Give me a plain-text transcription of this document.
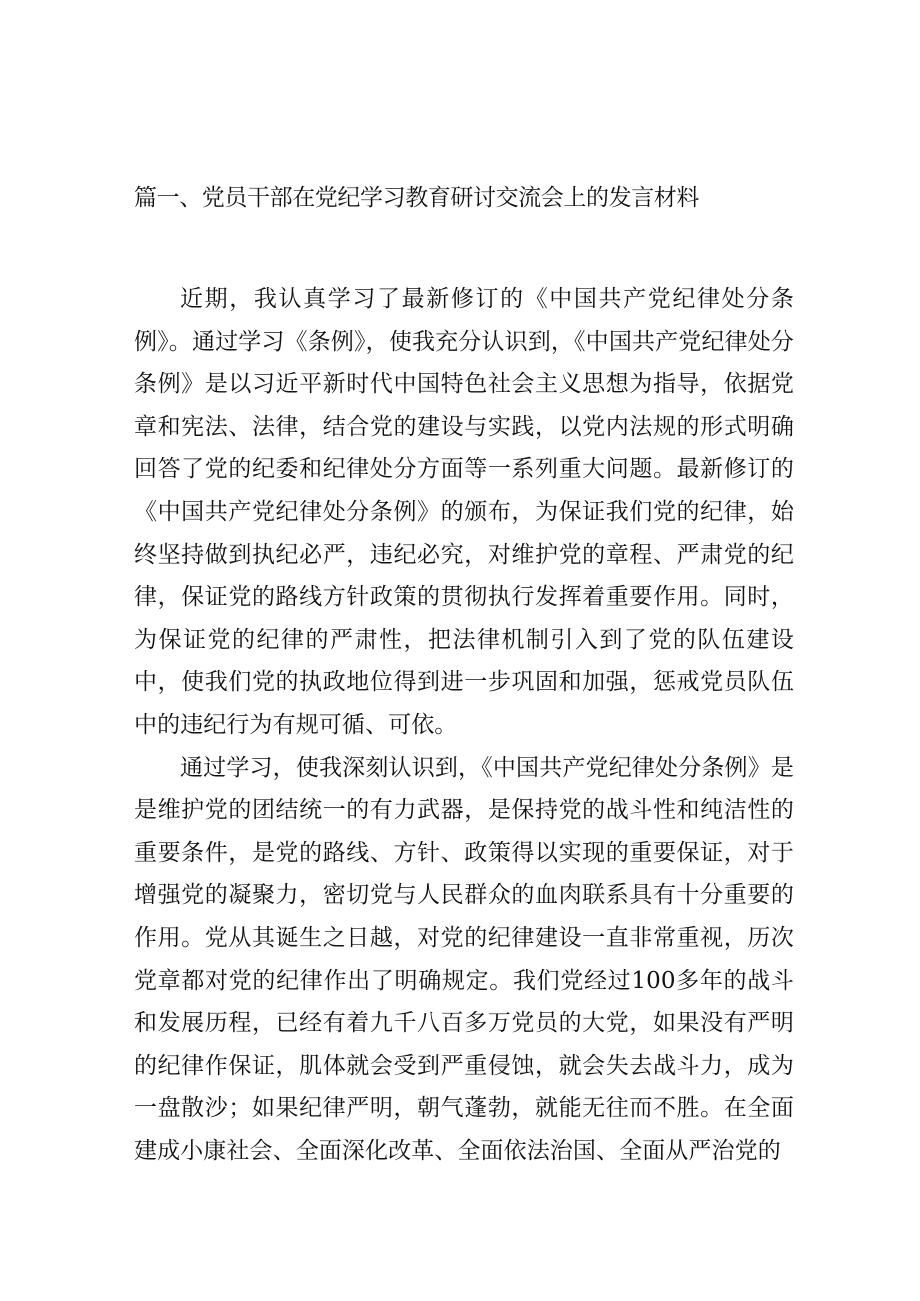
篇一、党员干部在党纪学习教育研讨交流会上的发言材料

近期，我认真学习了最新修订的《中国共产党纪律处分条例》。通过学习《条例》，使我充分认识到，《中国共产党纪律处分条例》是以习近平新时代中国特色社会主义思想为指导，依据党章和宪法、法律，结合党的建设与实践，以党内法规的形式明确回答了党的纪委和纪律处分方面等一系列重大问题。最新修订的《中国共产党纪律处分条例》的颁布，为保证我们党的纪律，始终坚持做到执纪必严，违纪必究，对维护党的章程、严肃党的纪律，保证党的路线方针政策的贯彻执行发挥着重要作用。同时，为保证党的纪律的严肃性，把法律机制引入到了党的队伍建设中，使我们党的执政地位得到进一步巩固和加强，惩戒党员队伍中的违纪行为有规可循、可依。

通过学习，使我深刻认识到，《中国共产党纪律处分条例》是是维护党的团结统一的有力武器，是保持党的战斗性和纯洁性的重要条件，是党的路线、方针、政策得以实现的重要保证，对于增强党的凝聚力，密切党与人民群众的血肉联系具有十分重要的作用。党从其诞生之日越，对党的纪律建设一直非常重视，历次党章都对党的纪律作出了明确规定。我们党经过100多年的战斗和发展历程，已经有着九千八百多万党员的大党，如果没有严明的纪律作保证，肌体就会受到严重侵蚀，就会失去战斗力，成为一盘散沙；如果纪律严明，朝气蓬勃，就能无往而不胜。在全面建成小康社会、全面深化改革、全面依法治国、全面从严治党的
